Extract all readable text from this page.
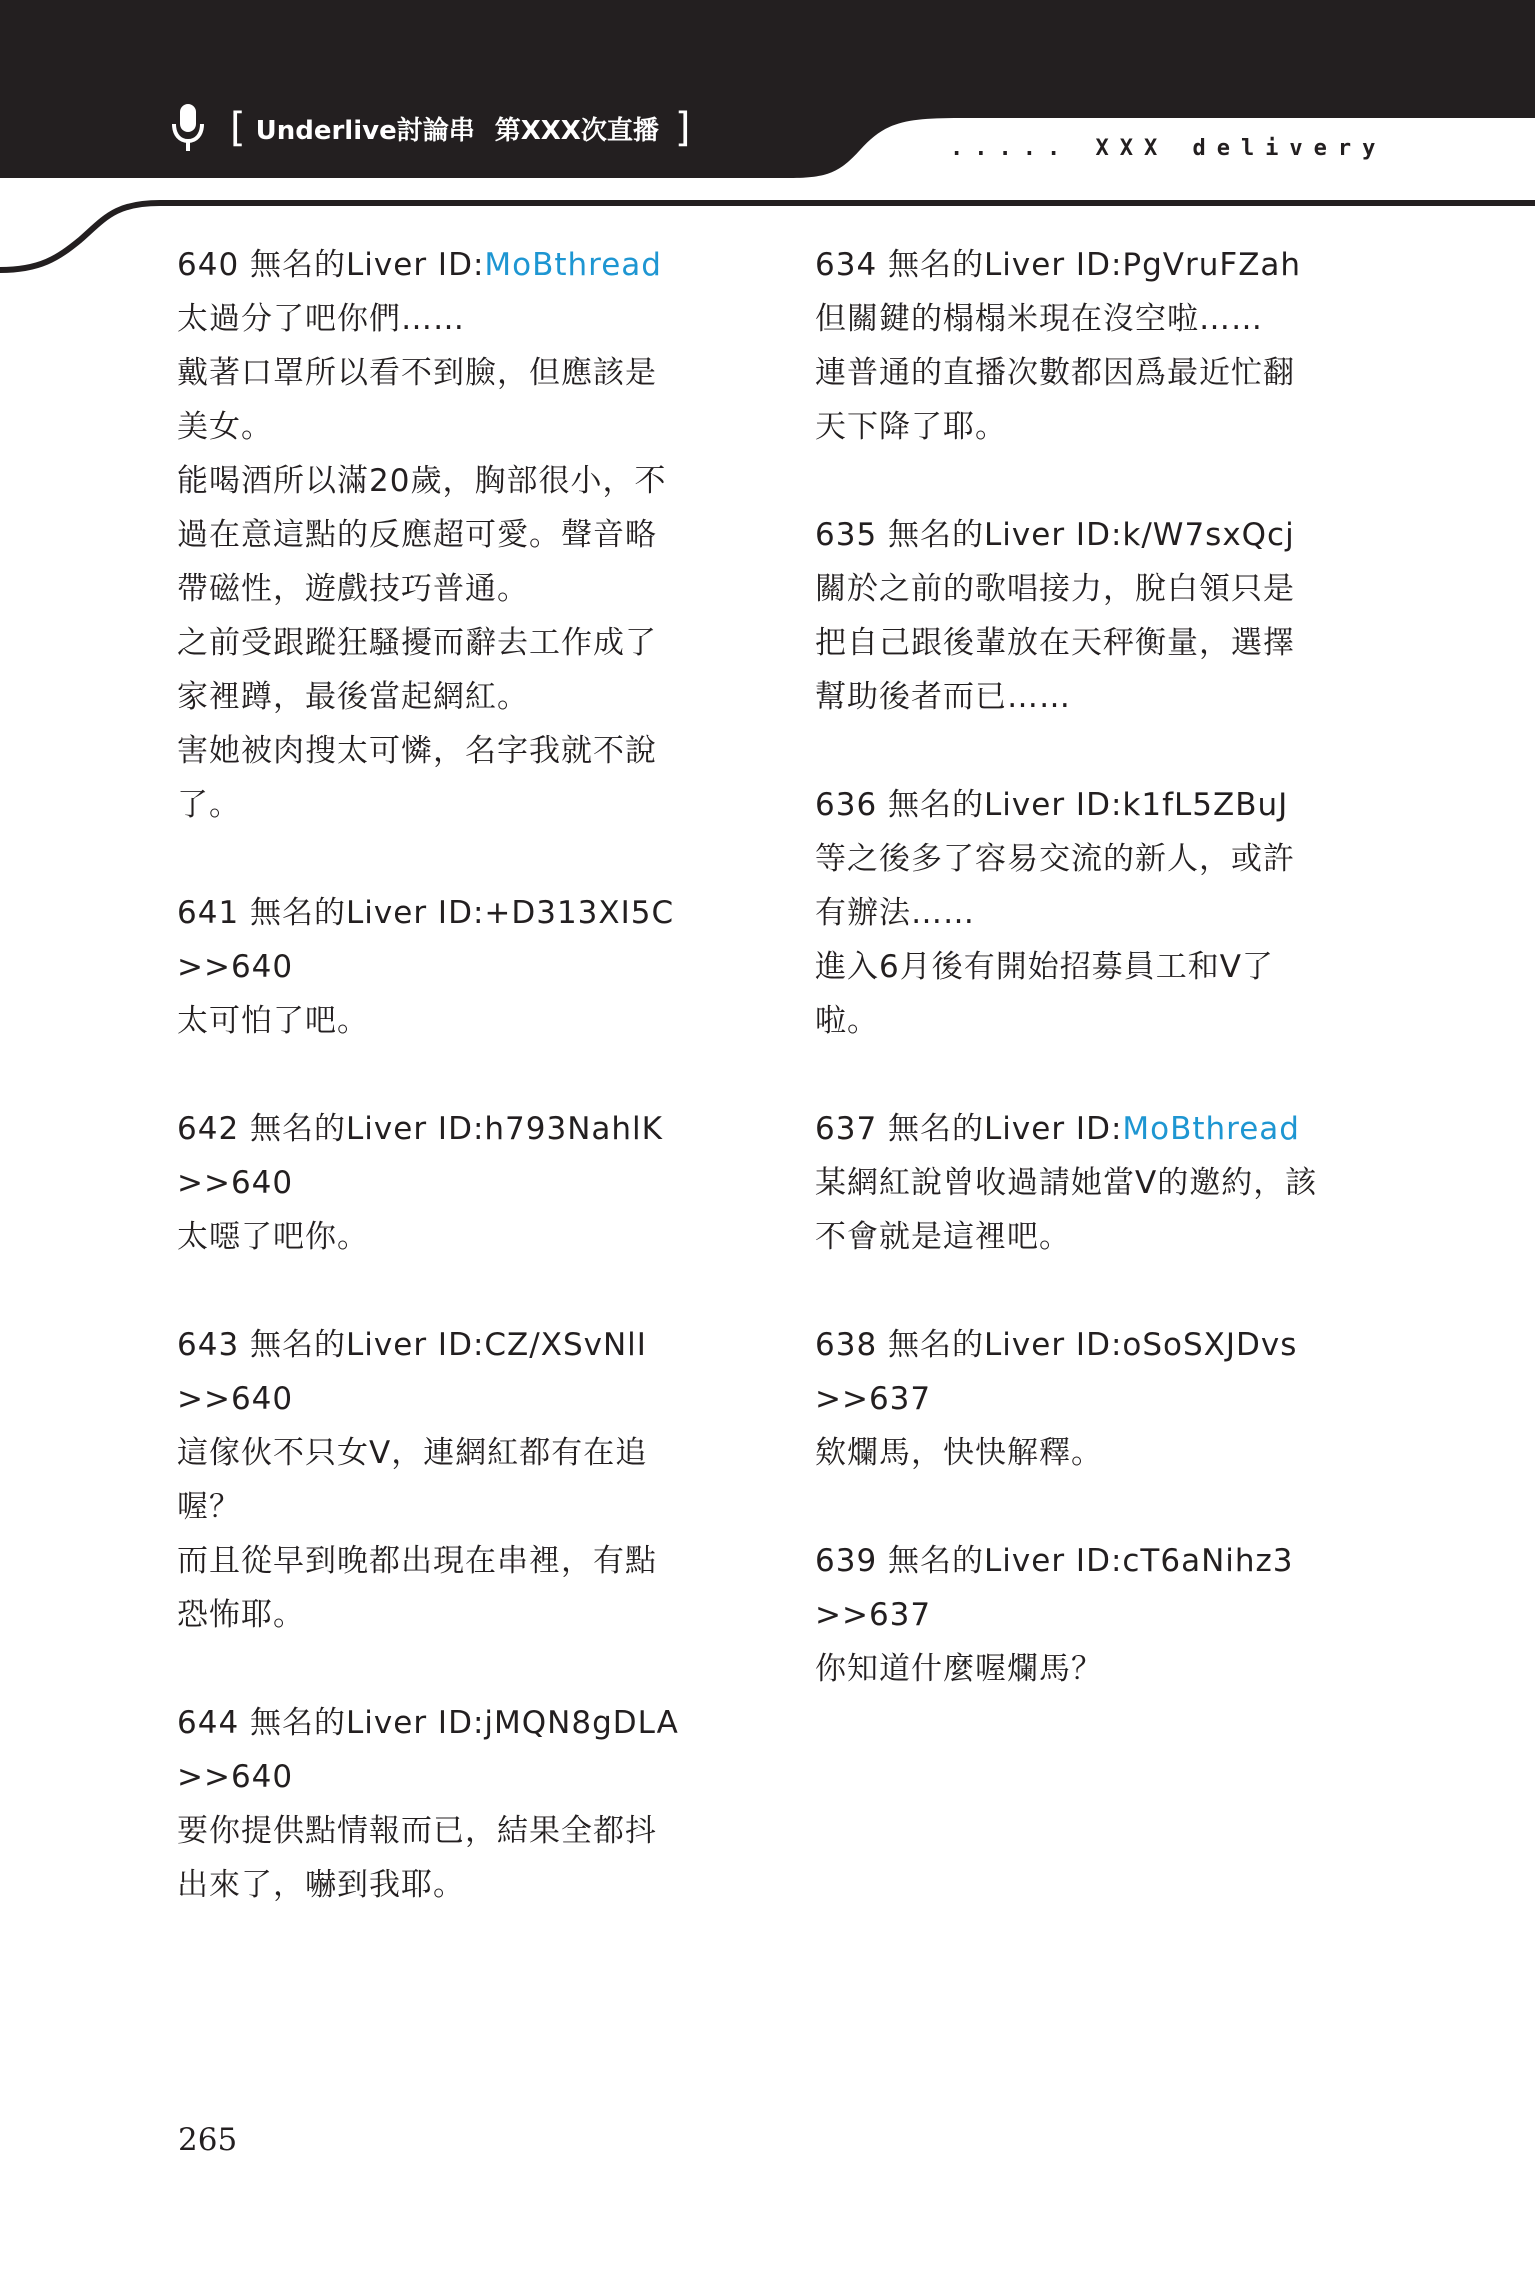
[ Underlive討論串 第XXX次直播 ]	..... XXX delivery
640 無名的Liver ID:MoBthread
太過分了吧你們……
戴著口罩所以看不到臉，但應該是
美女。
能喝酒所以滿20歲，胸部很小，不
過在意這點的反應超可愛。聲音略
帶磁性，遊戲技巧普通。
之前受跟蹤狂騷擾而辭去工作成了
家裡蹲，最後當起網紅。
害她被肉搜太可憐，名字我就不說
了。
641 無名的Liver ID:+D313XI5C
>>640
太可怕了吧。
642 無名的Liver ID:h793NahlK
>>640
太噁了吧你。
643 無名的Liver ID:CZ/XSvNlI
>>640
這傢伙不只女V，連網紅都有在追
喔？
而且從早到晚都出現在串裡，有點
恐怖耶。
644 無名的Liver ID:jMQN8gDLA
>>640
要你提供點情報而已，結果全都抖
出來了，嚇到我耶。
634 無名的Liver ID:PgVruFZah
但關鍵的榻榻米現在沒空啦……
連普通的直播次數都因爲最近忙翻
天下降了耶。
635 無名的Liver ID:k/W7sxQcj
關於之前的歌唱接力，脫白領只是
把自己跟後輩放在天秤衡量，選擇
幫助後者而已……
636 無名的Liver ID:k1fL5ZBuJ
等之後多了容易交流的新人，或許
有辦法……
進入6月後有開始招募員工和V了
啦。
637 無名的Liver ID:MoBthread
某網紅說曾收過請她當V的邀約，該
不會就是這裡吧。
638 無名的Liver ID:oSoSXJDvs
>>637
欸爛馬，快快解釋。
639 無名的Liver ID:cT6aNihz3
>>637
你知道什麼喔爛馬？
265
